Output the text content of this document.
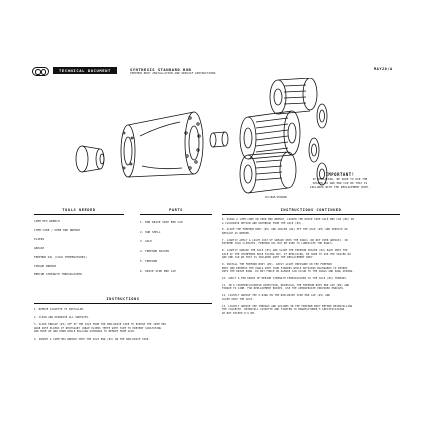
TECHNICAL DOCUMENT	SYNTHESIS STANDARD HUB
FREEHUB BODY INSTALLATION AND SERVICE INSTRUCTIONS
MAY20/A
IMPORTANT!
IF REPLACING, BE SURE TO USE THE
SPACER #4 AND END CAP #6 THAT IS
INCLUDED WITH THE REPLACEMENT BODY.
XD/SRAM/SHIMANO
TOOLS NEEDED
12MM HEX WRENCH
17MM CONE / OPEN END WRENCH
PLIERS
GREASE
FREEHUB OIL (COLD TEMPERATURES)
TORQUE WRENCH
MEDIUM STRENGTH THREADLOCKER
PARTS
1. NON DRIVE SIDE END CAP
2. HUB SHELL
3. AXLE
4. FREEHUB SPACER
5. FREEHUB
6. DRIVE SIDE END CAP
INSTRUCTIONS CONTINUED
6. USING A 17MM CONE OR OPEN END WRENCH, LOOSEN THE DRIVE SIDE AXLE END CAP (#6) IN
A CLOCKWISE MOTION AND UNTHREAD FROM THE AXLE (#3).
8. SLIDE THE FREEHUB BODY (#5) AND SPACER (#4) OFF THE AXLE (#3) AND SERVICE OR
REPLACE AS NEEDED.
7. LIGHTLY APPLY A LIGHT COAT OF GREASE ONTO THE PAWLS (DO NOT OVER GREASE). IN
EXTREME COLD CLIMATES, FREEHUB OIL MAY BE USED TO LUBRICATE THE PAWLS.
8. LIGHTLY GREASE THE AXLE (#3) AND SLIDE THE FREEHUB SPACER (#4) BACK ONTO THE
AXLE W/ THE CHAMFERED EDGE FACING OUT. IF REPLACING, BE SURE TO USE THE SPACER #4
AND END CAP #6 THAT IS INCLUDED WITH THE REPLACEMENT BODY.
9. INSTALL THE FREEHUB BODY (#5). APPLY LIGHT PRESSURE ON THE FREEHUB
BODY AND DEPRESS THE PAWLS WITH YOUR FINGERS WHILE ROTATING BACKWARDS TO INSERT
INTO THE DRIVE RING. DO NOT FORCE OR DAMAGE CAN OCCUR TO THE PAWLS AND PAWL SPRING.
10. APPLY A FEW DROPS OF MEDIUM STRENGTH THREADLOCKER TO THE AXLE (#3) THREADS.
11. IN A COUNTERCLOCKWISE DIRECTION, REINSTALL THE FREEHUB BODY END CAP (#6) AND
TORQUE TO 12NM. FOR REPLACEMENT BODIES, USE THE APPROPRIATE PROVIDED ENDCAPS.
12. LIGHTLY GREASE THE O-RING ON THE NON-DRIVE SIDE END CAP (#1) AND
SLIDE ONTO THE AXLE.
13. LIGHTLY GREASE THE THREADS AND SPLINES ON THE FREEHUB BODY BEFORE REINSTALLING
THE CASSETTE. REINSTALL CASSETTE AND TIGHTEN TO MANUFACTURER'S SPECIFICATIONS.
DO NOT EXCEED 8.5 NM.
INSTRUCTIONS
1. REMOVE CASSETTE IF INSTALLED.
2. CLEAN AND DEGREASE ALL SURFACES.
3. SLIDE ENDCAP (#1) OFF OF THE AXLE FROM THE NON-DRIVE SIDE TO EXPOSE THE 12MM HEX.
GRAB WITH PLIERS IF NECESSARY (WRAP PLIERS TEETH WITH TAPE TO PREVENT SCRATCHING
AND MOVE UP AND DOWN WHILE PULLING OUTWARDS TO REMOVE FROM AXLE.
4. INSERT A 12MM HEX WRENCH INTO THE AXLE END (#3) ON THE NON-DRIVE SIDE.
